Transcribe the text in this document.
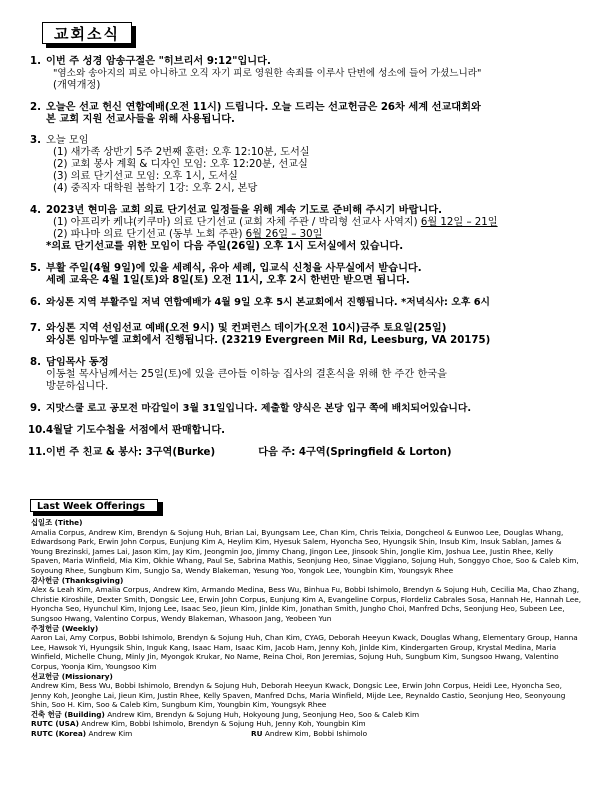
교회소식
1. 이번 주 성경 암송구절은 "히브리서 9:12"입니다.
"염소와 송아지의 피로 아니하고 오직 자기 피로 영원한 속죄를 이루사 단번에 성소에 들어 가셨느니라"
(개역개정)
2. 오늘은 선교 헌신 연합예배(오전 11시) 드립니다. 오늘 드리는 선교헌금은 26차 세계 선교대회와
본 교회 지원 선교사들을 위해 사용됩니다.
3. 오늘 모임
(1) 새가족 상반기 5주 2번째 훈련: 오후 12:10분, 도서실
(2) 교회 봉사 계획 & 디자인 모임: 오후 12:20분, 선교실
(3) 의료 단기선교 모임: 오후 1시, 도서실
(4) 중직자 대학원 봄학기 1강: 오후 2시, 본당
4. 2023년 현미음 교회 의료 단기선교 일정들을 위해 계속 기도로 준비해 주시기 바랍니다.
(1) 아프리카 케냐(키쿠마) 의료 단기선교 (교회 자체 주관 / 박리형 선교사 사역지) 6월 12일 – 21일
(2) 파나마 의료 단기선교 (동부 노회 주관) 6월 26일 – 30일
*의료 단기선교를 위한 모임이 다음 주일(26일) 오후 1시 도서실에서 있습니다.
5. 부활 주일(4월 9일)에 있을 세례식, 유아 세례, 입교식 신청을 사무실에서 받습니다.
세례 교육은 4월 1일(토)와 8일(토) 오전 11시, 오후 2시 한번만 받으면 됩니다.
6. 와싱톤 지역 부활주일 저녁 연합예배가 4월 9일 오후 5시 본교회에서 진행됩니다. *저녁식사: 오후 6시
7. 와싱톤 지역 선임선교 예배(오전 9시) 및 컨퍼런스 데이가(오전 10시)금주 토요일(25일)
와싱톤 임마누엘 교회에서 진행됩니다. (23219 Evergreen Mil Rd, Leesburg, VA 20175)
8. 담임목사 동정
이동철 목사님께서는 25일(토)에 있을 큰아들 이하능 집사의 결혼식을 위해 한 주간 한국을
방문하십니다.
9. 지맛스쿨 로고 공모전 마감일이 3월 31일입니다. 제출할 양식은 본당 입구 쪽에 배치되어있습니다.
10. 4월달 기도수첩을 서점에서 판매합니다.
11. 이번 주 친교 & 봉사: 3구역(Burke)	다음 주: 4구역(Springfield & Lorton)
Last Week Offerings
십일조 (Tithe)
Amalia Corpus, Andrew Kim, Brendyn & Sojung Huh, Brian Lai, Byungsam Lee, Chan Kim, Chris Teixia, Dongcheol & Eunwoo Lee, Douglas Whang, Edwardsong Park, Erwin John Corpus, Eunjung Kim A, Heylim Kim, Hyesuk Salem, Hyoncha Seo, Hyungsik Shin, Insub Kim, Insuk Sablan, James & Young Brezinski, James Lai, Jason Kim, Jay Kim, Jeongmin Joo, Jimmy Chang, Jingon Lee, Jinsook Shin, Jonglie Kim, Joshua Lee, Justin Rhee, Kelly Spaven, Maria Winfield, Mia Kim, Okhie Whang, Paul Se, Sabrina Mathis, Seonjung Heo, Sinae Viggiano, Sojung Huh, Songgyo Choe, Soo & Caleb Kim, Soyoung Rhee, Sungbum Kim, Sungjo Sa, Wendy Blakeman, Yesung Yoo, Yongok Lee, Youngbin Kim, Youngsyk Rhee
감사헌금 (Thanksgiving)
Alex & Leah Kim, Amalia Corpus, Andrew Kim, Armando Medina, Bess Wu, Binhua Fu, Bobbi Ishimolo, Brendyn & Sojung Huh, Cecilia Ma, Chao Zhang, Christie Kiroshile, Dexter Smith, Dongsic Lee, Erwin John Corpus, Eunjung Kim A, Evangeline Corpus, Flordeliz Cabrales Sosa, Hannah He, Hannah Lee, Hyoncha Seo, Hyunchul Kim, Injong Lee, Isaac Seo, Jieun Kim, Jinlde Kim, Jonathan Smith, Jungho Choi, Manfred Dchs, Seonjung Heo, Subeen Lee, Sungsoo Hwang, Valentino Corpus, Wendy Blakeman, Whasoon Jang, Yeobeen Yun
주정헌금 (Weekly)
Aaron Lai, Amy Corpus, Bobbi Ishimolo, Brendyn & Sojung Huh, Chan Kim, CYAG, Deborah Heeyun Kwack, Douglas Whang, Elementary Group, Hanna Lee, Hawsok Yi, Hyungsik Shin, Inguk Kang, Isaac Ham, Isaac Kim, Jacob Ham, Jenny Koh, Jinlde Kim, Kindergarten Group, Krystal Medina, Maria Winfield, Michelle Chung, Minly Jin, Myongok Krukar, No Name, Reina Choi, Ron Jeremias, Sojung Huh, Sungbum Kim, Sungsoo Hwang, Valentino Corpus, Yoonja Kim, Youngsoo Kim
선교헌금 (Missionary)
Andrew Kim, Bess Wu, Bobbi Ishimolo, Brendyn & Sojung Huh, Deborah Heeyun Kwack, Dongsic Lee, Erwin John Corpus, Heidi Lee, Hyoncha Seo, Jenny Koh, Jeonghe Lai, Jieun Kim, Justin Rhee, Kelly Spaven, Manfred Dchs, Maria Winfield, Mijde Lee, Reynaldo Castio, Seonjung Heo, Seonyoung Shin, Soo H. Kim, Soo & Caleb Kim, Sungbum Kim, Youngbin Kim, Youngsyk Rhee
건축 헌금 (Building) Andrew Kim, Brendyn & Sojung Huh, Hokyoung Jung, Seonjung Heo, Soo & Caleb Kim
RUTC (USA) Andrew Kim, Bobbi Ishimolo, Brendyn & Sojung Huh, Jenny Koh, Youngbin Kim
RUTC (Korea) Andrew Kim	RU Andrew Kim, Bobbi Ishimolo
